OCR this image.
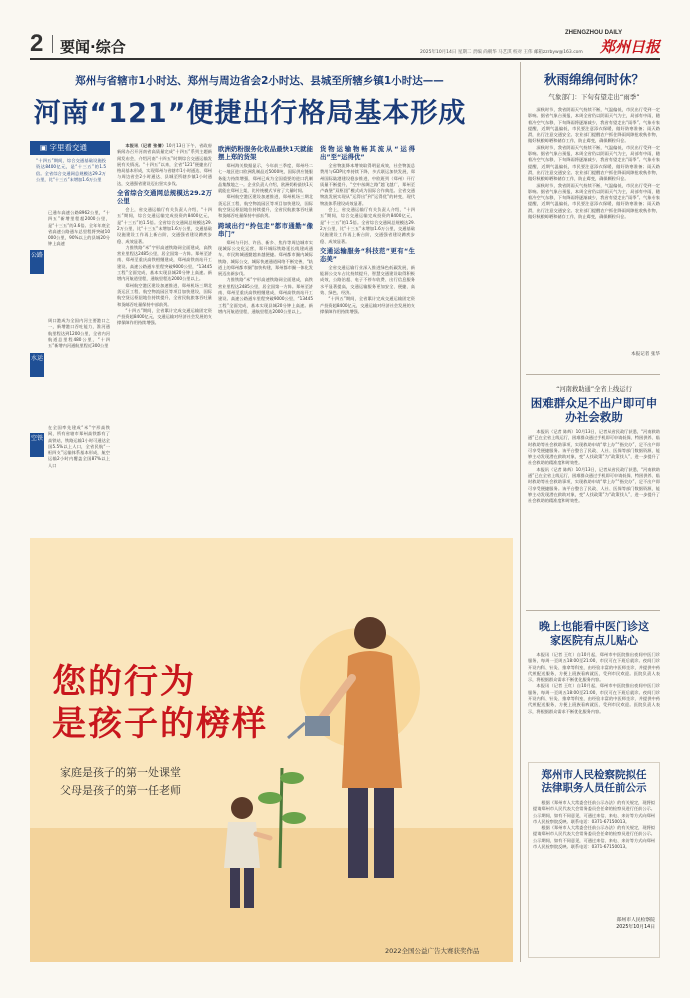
2 要闻·综合
ZHENGZHOU DAILY
郑州日报
2025年10月14日 星期二 责编 尚朝华 马艺淇 校对 王伟 邮箱zzrbyw@163.com
郑州与省辖市1小时达、郑州与周边省会2小时达、县城至所辖乡镇1小时达——
河南“121”便捷出行格局基本形成
▣ 字里看交通
“十四五”期间，综合交通基础设施投资达8400亿元，是“十三五”的1.5倍。全省综合交通网总规模达29.2万公里，比“十三五”末增加1.6万公里
公路
已通车高速公路8962公里，“十四五”新增里程超2000公里，是“十三五”的3.6倍。全年年底全省高速公路通车总里程将突破10000公里，90%以上的县城20分钟上高速
水运
周口港成为全国内河主要港口之一，新增港口吞吐能力，淮河通航里程达到1200公里，全省内河航道总里程480公里，“十四五”新增内河通航里程近300公里
空铁
在全国率先建成“米”字形高铁网，所有省辖市郑州高铁都有了高铁站，铁路运输1小时可通达全国5.5%以上人口，全省民航“一枢四支”运输体系基本形成，航空运输2小时内覆盖全国87%以上人口

本报讯（记者 张倩）10月13日下午，省政府新闻办召开河南省高质量完成“十四五”系列主题新闻发布会，介绍河南“十四五”时期综合交通运输发展有关情况。“十四五”以来，全省“121”便捷出行格局基本形成，实现郑州与省辖市1小时通达、郑州与周边省会2小时通达、县城至所辖乡镇1小时通达，交通强省建设迈出坚实步伐。

全省综合交通网总规模达29.2万公里

会上，省交通运输厅有关负责人介绍，“十四五”期间，综合交通运输完成投资约8400亿元，是“十三五”的1.5倍。全省综合交通网总规模达29.2万公里，比“十三五”末增加1.6万公里，交通基础设施建设工作再上新台阶，交通强省建设蹄疾步稳、成效显著。

力推铁路“米”字形高速铁路网全面建成，高铁营业里程达2485公里，居全国第一方阵。郑州至济南、郑州至重庆高铁相继建成，郑州高铁南站开工建设。高速公路通车里程突破9000公里，“13445工程”全面完成，基本实现县城20分钟上高速。新增内河航道里程，通航里程达2000公里以上。

郑州航空港区建设加速推进，郑州机场三期北货运区工程、航空物流园区等项目加快建设，国际航空货运枢纽地位持续提升，全省民航旅客吞吐量和货邮吞吐量保持中部前列。

“十四五”期间，全省累计完成交通运输固定资产投资超8400亿元，交通运输对经济社会发展的支撑保障作用持续增强。

欧洲奶粉服务化收品最快1天就能摆上郑的货架

郑州海关数据显示，今年前三季度，郑州经二七一地区进口欧洲乳制品近5000吨，国际供应链服务能力持续增强，郑州已成为全国重要的进口乳制品集散地之一。企业负责人介绍，欧洲奶粉最快1天就能在郑州上架，比传统模式节省了大量时间。

郑州航空港区建设加速推进，郑州机场三期北货运区工程、航空物流园区等项目加快建设，国际航空货运枢纽地位持续提升，全省民航旅客吞吐量和货邮吞吐量保持中部前列。

跨域出行“拎包走”都市通勤“像串门”

郑州与开封、许昌、新乡、焦作等周边城市实现城际公交化运营，郑开城际铁路延长线建成通车，市民跨城通勤越来越便捷。郑州都市圈内城际铁路、城际公交、城际快速通道网络不断完善，“轨道上的郑州都市圈”加快构建，郑州都市圈一体化发展迈出新步伐。

力推铁路“米”字形高速铁路网全面建成，高铁营业里程达2485公里，居全国第一方阵。郑州至济南、郑州至重庆高铁相继建成，郑州高铁南站开工建设。高速公路通车里程突破9000公里，“13445工程”全面完成，基本实现县城20分钟上高速。新增内河航道里程，通航里程达2000公里以上。

货物运输物畅其流从“运得出”至“运得优”

全省物流降本增效取得明显成效，社会物流总费用与GDP比率持续下降，多式联运加快发展，郑州国际陆港建设稳步推进，中欧班列（郑州）开行质量不断提升，“空中丝绸之路”越飞越广，郑州至卢森堡“双枢纽”模式成为国际合作典范。全省交通物流发展实现从“运得出”到“运得优”的转变，现代物流体系建设成效显著。

会上，省交通运输厅有关负责人介绍，“十四五”期间，综合交通运输完成投资约8400亿元，是“十三五”的1.5倍。全省综合交通网总规模达29.2万公里，比“十三五”末增加1.6万公里，交通基础设施建设工作再上新台阶，交通强省建设蹄疾步稳、成效显著。

交通运输服务“科技范”更有“生态美”

全省交通运输行业深入推进绿色低碳发展，新能源公交车占比持续提升，智慧交通建设取得积极成效，公路治超、电子不停车收费、出行信息服务水平显著提高，交通运输服务更加安全、便捷、高效、绿色、经济。

“十四五”期间，全省累计完成交通运输固定资产投资超8400亿元，交通运输对经济社会发展的支撑保障作用持续增强。

秋雨绵绵何时休？
气象部门：下旬有望走出“雨季”

深秋时节，我省阴雨天气持续不断，气温偏低，市民出行受到一定影响。据省气象台预报，本周全省仍以阴雨天气为主，局部有中雨，随着冷空气东移，下旬降雨将逐渐减少，我省有望走出“雨季”。气象专家提醒，近期气温偏低，市民要注意添衣保暖，做好防寒准备；雨天路滑，出行注意交通安全。农业部门提醒农户抓住降雨间隙抢收秋作物，做好秋粮晾晒和储存工作，防止霉变，确保颗粒归仓。

深秋时节，我省阴雨天气持续不断，气温偏低，市民出行受到一定影响。据省气象台预报，本周全省仍以阴雨天气为主，局部有中雨，随着冷空气东移，下旬降雨将逐渐减少，我省有望走出“雨季”。气象专家提醒，近期气温偏低，市民要注意添衣保暖，做好防寒准备；雨天路滑，出行注意交通安全。农业部门提醒农户抓住降雨间隙抢收秋作物，做好秋粮晾晒和储存工作，防止霉变，确保颗粒归仓。

深秋时节，我省阴雨天气持续不断，气温偏低，市民出行受到一定影响。据省气象台预报，本周全省仍以阴雨天气为主，局部有中雨，随着冷空气东移，下旬降雨将逐渐减少，我省有望走出“雨季”。气象专家提醒，近期气温偏低，市民要注意添衣保暖，做好防寒准备；雨天路滑，出行注意交通安全。农业部门提醒农户抓住降雨间隙抢收秋作物，做好秋粮晾晒和储存工作，防止霉变，确保颗粒归仓。

本报记者 张华
“河南救助通”全省上线运行
困难群众足不出户即可申办社会救助

本报讯（记者 陈辉）10月13日，记者从省民政厅获悉，“河南救助通”已在全省上线运行，困难群众通过手机即可申请低保、特困供养、临时救助等社会救助事项，实现救助申请“掌上办”“指尖办”，足不出户即可享受便捷服务。该平台整合了民政、人社、医保等部门数据资源，能够主动发现潜在救助对象，变“人找政策”为“政策找人”，进一步提升了社会救助的精准度和时效性。

本报讯（记者 陈辉）10月13日，记者从省民政厅获悉，“河南救助通”已在全省上线运行，困难群众通过手机即可申请低保、特困供养、临时救助等社会救助事项，实现救助申请“掌上办”“指尖办”，足不出户即可享受便捷服务。该平台整合了民政、人社、医保等部门数据资源，能够主动发现潜在救助对象，变“人找政策”为“政策找人”，进一步提升了社会救助的精准度和时效性。

晚上也能看中医门诊这家医院有点儿贴心

本报讯（记者 王红）自10月起，郑州市中医院推出夜间中医门诊服务，每周一至周五18:00至21:00，市民可在下班后就诊。夜间门诊开设内科、针灸、推拿等科室，由经验丰富的中医师坐诊，并提供中药代煎配送服务，方便上班族看病就医，受到市民欢迎。医院负责人表示，将根据群众需求不断优化服务内容。

本报讯（记者 王红）自10月起，郑州市中医院推出夜间中医门诊服务，每周一至周五18:00至21:00，市民可在下班后就诊。夜间门诊开设内科、针灸、推拿等科室，由经验丰富的中医师坐诊，并提供中药代煎配送服务，方便上班族看病就医，受到市民欢迎。医院负责人表示，将根据群众需求不断优化服务内容。

郑州市人民检察院拟任法律职务人员任前公示

根据《郑州市人大常委会任前公示办法》的有关规定，现将拟提请郑州市人民代表大会常务委员会任命的检察员进行任前公示。公示期间，如有不同意见，可通过来信、来电、来访等方式向郑州市人民检察院反映。联系电话：0371-67150013。

根据《郑州市人大常委会任前公示办法》的有关规定，现将拟提请郑州市人民代表大会常务委员会任命的检察员进行任前公示。公示期间，如有不同意见，可通过来信、来电、来访等方式向郑州市人民检察院反映。联系电话：0371-67150013。

郑州市人民检察院
2025年10月14日
您的行为
是孩子的榜样
家庭是孩子的第一处课堂
父母是孩子的第一任老师
2022全国公益广告大赛获奖作品
